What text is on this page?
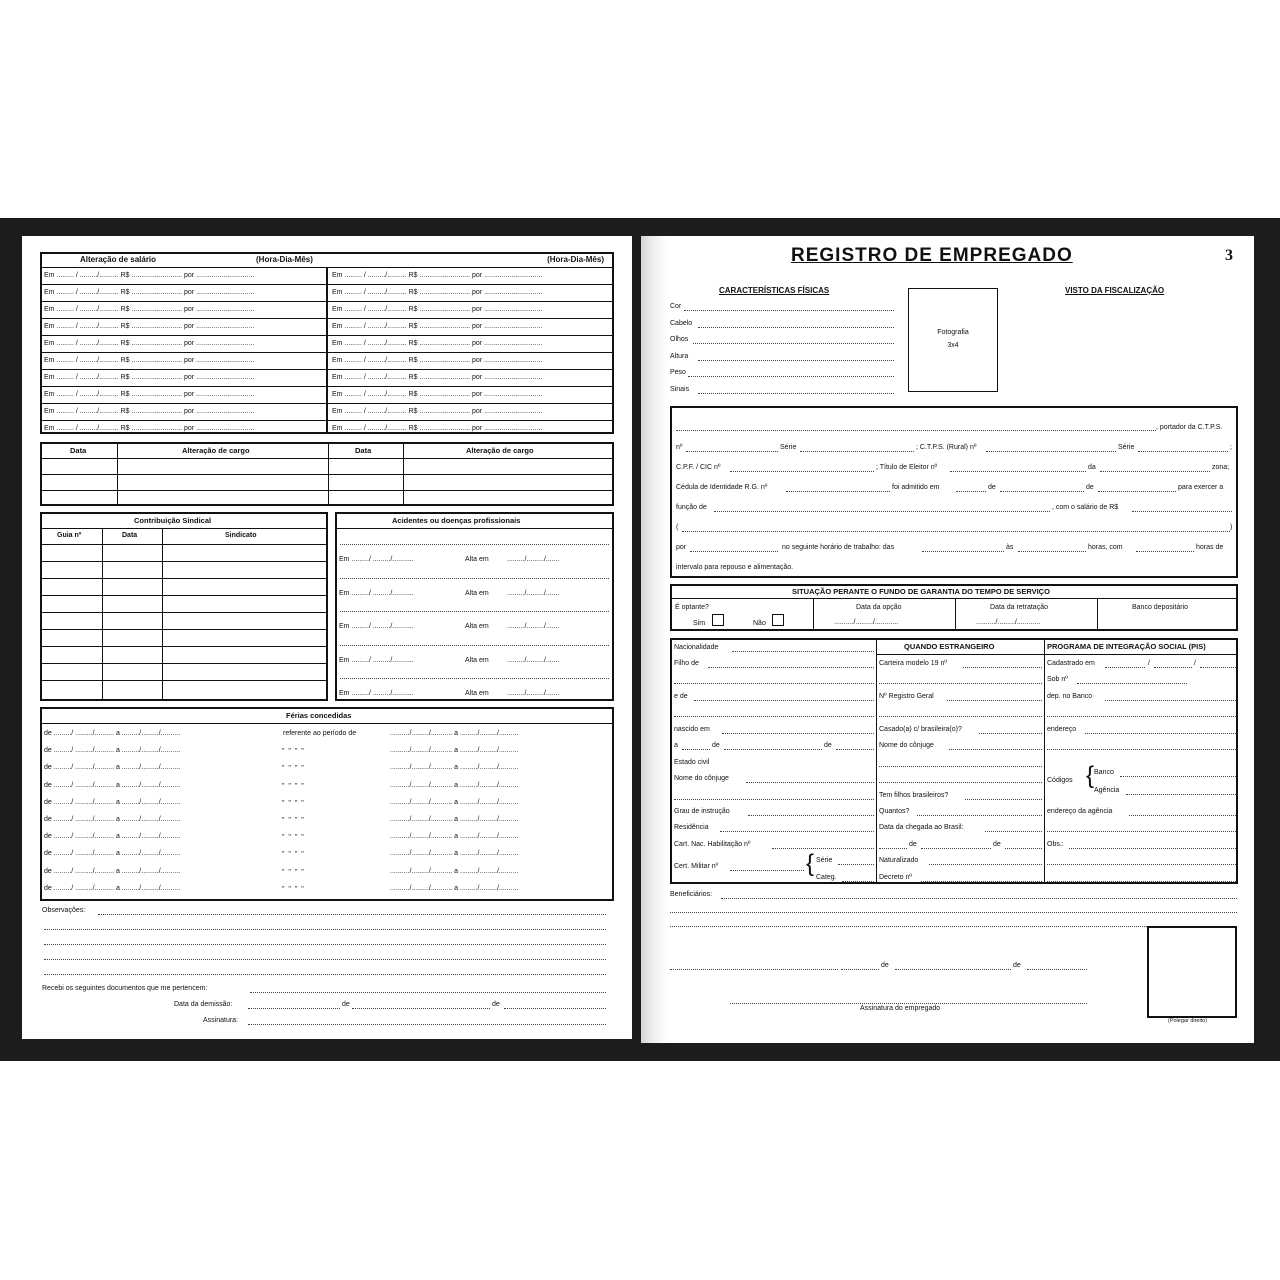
Alteração de salário	(Hora-Dia-Mês)	(Hora-Dia-Mês)
Em ......... / ........./.......... R$ .......................... por ..............................	Em ......... / ........./.......... R$ .......................... por ..............................
Em ......... / ........./.......... R$ .......................... por ..............................	Em ......... / ........./.......... R$ .......................... por ..............................
Em ......... / ........./.......... R$ .......................... por ..............................	Em ......... / ........./.......... R$ .......................... por ..............................
Em ......... / ........./.......... R$ .......................... por ..............................	Em ......... / ........./.......... R$ .......................... por ..............................
Em ......... / ........./.......... R$ .......................... por ..............................	Em ......... / ........./.......... R$ .......................... por ..............................
Em ......... / ........./.......... R$ .......................... por ..............................	Em ......... / ........./.......... R$ .......................... por ..............................
Em ......... / ........./.......... R$ .......................... por ..............................	Em ......... / ........./.......... R$ .......................... por ..............................
Em ......... / ........./.......... R$ .......................... por ..............................	Em ......... / ........./.......... R$ .......................... por ..............................
Em ......... / ........./.......... R$ .......................... por ..............................	Em ......... / ........./.......... R$ .......................... por ..............................
Em ......... / ........./.......... R$ .......................... por ..............................	Em ......... / ........./.......... R$ .......................... por ..............................
Data	Alteração de cargo	Data	Alteração de cargo
Contribuição Sindical
Guia nº	Data	Sindicato
Acidentes ou doenças profissionais
Em ........./ ........./...........	Alta em	........./........./.......
Em ........./ ........./...........	Alta em	........./........./.......
Em ........./ ........./...........	Alta em	........./........./.......
Em ........./ ........./...........	Alta em	........./........./.......
Em ........./ ........./...........	Alta em	........./........./.......
Férias concedidas
de ........./ ........./.......... a ........./........./..........	referente ao período de	........../........./........... a ........./........./..........
de ........./ ........./.......... a ........./........./..........	" " " "	........../........./........... a ........./........./..........
de ........./ ........./.......... a ........./........./..........	" " " "	........../........./........... a ........./........./..........
de ........./ ........./.......... a ........./........./..........	" " " "	........../........./........... a ........./........./..........
de ........./ ........./.......... a ........./........./..........	" " " "	........../........./........... a ........./........./..........
de ........./ ........./.......... a ........./........./..........	" " " "	........../........./........... a ........./........./..........
de ........./ ........./.......... a ........./........./..........	" " " "	........../........./........... a ........./........./..........
de ........./ ........./.......... a ........./........./..........	" " " "	........../........./........... a ........./........./..........
de ........./ ........./.......... a ........./........./..........	" " " "	........../........./........... a ........./........./..........
de ........./ ........./.......... a ........./........./..........	" " " "	........../........./........... a ........./........./..........
Observações:
Recebi os seguintes documentos que me pertencem:
Data da demissão:	de	de
Assinatura:
REGISTRO DE EMPREGADO	3
CARACTERÍSTICAS FÍSICAS	VISTO DA FISCALIZAÇÃO
Cor
Cabelo
Olhos
Altura
Peso
Sinais
Fotografia
3x4
, portador da C.T.P.S.
nº	Série	; C.T.P.S. (Rural) nº	Série	;
C.P.F. / CIC nº	; Título de Eleitor nº	da	zona;
Cédula de Identidade R.G. nº	foi admitido em	de	de	para exercer a
função de	, com o salário de R$
(	)
por	no seguinte horário de trabalho: das	às	horas, com	horas de
intervalo para repouso e alimentação.
SITUAÇÃO PERANTE O FUNDO DE GARANTIA DO TEMPO DE SERVIÇO
É optante?
Sim	Não
Data da opção
........../........./............
Data da retratação
........../........./............
Banco depositário
QUANDO ESTRANGEIRO	PROGRAMA DE INTEGRAÇÃO SOCIAL (PIS)
Nacionalidade
Filho de
e de
nascido em
Nome do cônjuge
Grau de instrução
Residência
Cart. Nac. Habilitação nº
a	de	de
Estado civil
Cert. Militar nº
Carteira modelo 19 nº
Nº Registro Geral
Casado(a) c/ brasileira(o)?
Nome do cônjuge
Tem filhos brasileiros?
Quantos?
Data da chegada ao Brasil:
Naturalizado
Decreto nº
de	de
dep. no Banco
endereço
endereço da agência
Obs.:
Cadastrado em	/	/
Sob nº
Códigos
{ Série
Categ.
{ Banco
Agência
Beneficiários:
de	de
Assinatura do empregado
(Polegar direito)
